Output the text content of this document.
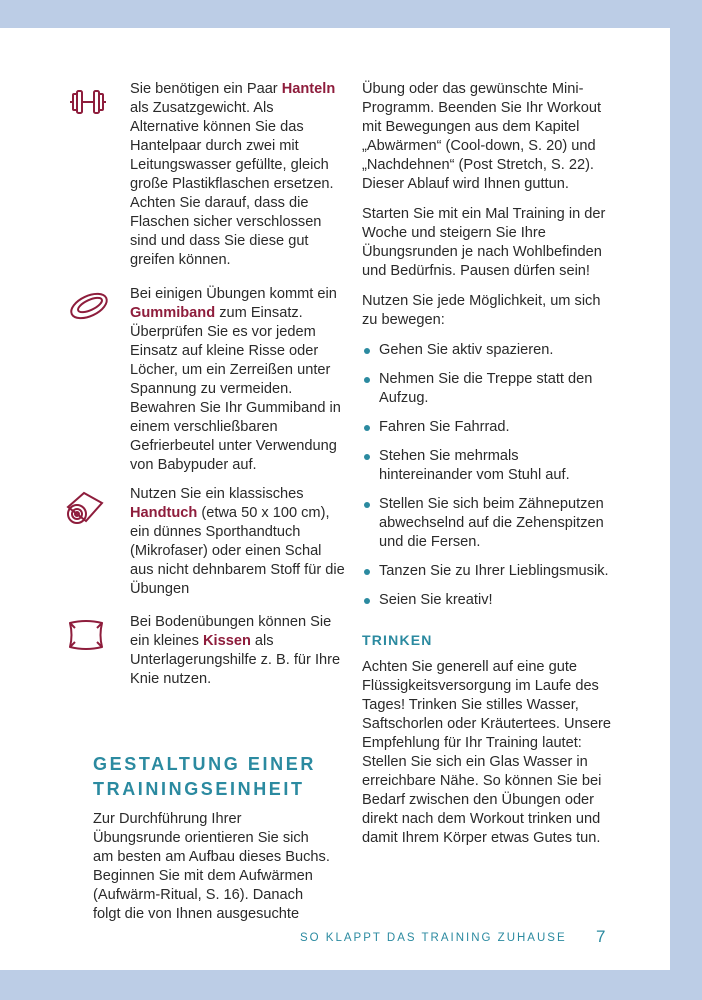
Sie benötigen ein Paar Hanteln als Zusatzgewicht. Als Alternative können Sie das Hantelpaar durch zwei mit Leitungswasser gefüllte, gleich große Plastikflaschen ersetzen. Achten Sie darauf, dass die Flaschen sicher verschlossen sind und dass Sie diese gut greifen können.

Bei einigen Übungen kommt ein Gummiband zum Einsatz. Überprüfen Sie es vor jedem Einsatz auf kleine Risse oder Löcher, um ein Zerreißen unter Spannung zu vermeiden. Bewahren Sie Ihr Gummiband in einem verschließbaren Gefrierbeutel unter Verwendung von Babypuder auf.

Nutzen Sie ein klassisches Handtuch (etwa 50 x 100 cm), ein dünnes Sporthandtuch (Mikrofaser) oder einen Schal aus nicht dehnbarem Stoff für die Übungen

Bei Bodenübungen können Sie ein kleines Kissen als Unterlagerungshilfe z. B. für Ihre Knie nutzen.

GESTALTUNG EINER TRAININGSEINHEIT

Zur Durchführung Ihrer Übungsrunde orientieren Sie sich am besten am Aufbau dieses Buchs. Beginnen Sie mit dem Aufwärmen (Aufwärm-Ritual, S. 16). Danach folgt die von Ihnen ausgesuchte

Übung oder das gewünschte Mini-Programm. Beenden Sie Ihr Workout mit Bewegungen aus dem Kapitel „Abwärmen“ (Cool-down, S. 20) und „Nachdehnen“ (Post Stretch, S. 22). Dieser Ablauf wird Ihnen guttun.

Starten Sie mit ein Mal Training in der Woche und steigern Sie Ihre Übungsrunden je nach Wohlbefinden und Bedürfnis. Pausen dürfen sein!

Nutzen Sie jede Möglichkeit, um sich zu bewegen:

Gehen Sie aktiv spazieren.
Nehmen Sie die Treppe statt den Aufzug.
Fahren Sie Fahrrad.
Stehen Sie mehrmals hintereinander vom Stuhl auf.
Stellen Sie sich beim Zähneputzen abwechselnd auf die Zehenspitzen und die Fersen.
Tanzen Sie zu Ihrer Lieblingsmusik.
Seien Sie kreativ!
TRINKEN

Achten Sie generell auf eine gute Flüssigkeitsversorgung im Laufe des Tages! Trinken Sie stilles Wasser, Saftschorlen oder Kräutertees. Unsere Empfehlung für Ihr Training lautet: Stellen Sie sich ein Glas Wasser in erreichbare Nähe. So können Sie bei Bedarf zwischen den Übungen oder direkt nach dem Workout trinken und damit Ihrem Körper etwas Gutes tun.

SO KLAPPT DAS TRAINING ZUHAUSE	7
